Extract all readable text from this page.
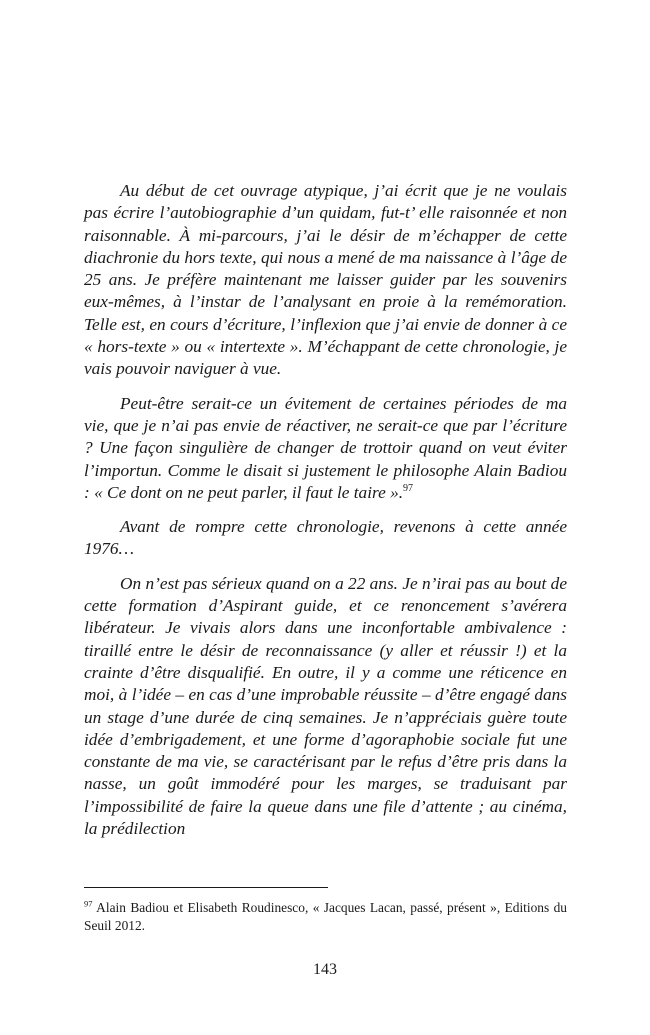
Au début de cet ouvrage atypique, j’ai écrit que je ne voulais pas écrire l’autobiographie d’un quidam, fut-t’ elle raisonnée et non raisonnable. À mi-parcours, j’ai le désir de m’échapper de cette diachronie du hors texte, qui nous a mené de ma naissance à l’âge de 25 ans. Je préfère maintenant me laisser guider par les souvenirs eux-mêmes, à l’instar de l’analysant en proie à la remémoration. Telle est, en cours d’écriture, l’inflexion que j’ai envie de donner à ce « hors-texte » ou « intertexte ». M’échappant de cette chronologie, je vais pouvoir naviguer à vue.

Peut-être serait-ce un évitement de certaines périodes de ma vie, que je n’ai pas envie de réactiver, ne serait-ce que par l’écriture ? Une façon singulière de changer de trottoir quand on veut éviter l’importun. Comme le disait si justement le philosophe Alain Badiou : « Ce dont on ne peut parler, il faut le taire ».$^{97}$

Avant de rompre cette chronologie, revenons à cette année 1976…

On n’est pas sérieux quand on a 22 ans. Je n’irai pas au bout de cette formation d’Aspirant guide, et ce renoncement s’avérera libérateur. Je vivais alors dans une inconfortable ambivalence : tiraillé entre le désir de reconnaissance (y aller et réussir !) et la crainte d’être disqualifié. En outre, il y a comme une réticence en moi, à l’idée – en cas d’une improbable réussite – d’être engagé dans un stage d’une durée de cinq semaines. Je n’appréciais guère toute idée d’embrigadement, et une forme d’agoraphobie sociale fut une constante de ma vie, se caractérisant par le refus d’être pris dans la nasse, un goût immodéré pour les marges, se traduisant par l’impossibilité de faire la queue dans une file d’attente ; au cinéma, la prédilection

$^{97}$ Alain Badiou et Elisabeth Roudinesco, « Jacques Lacan, passé, présent », Editions du Seuil 2012.

143
